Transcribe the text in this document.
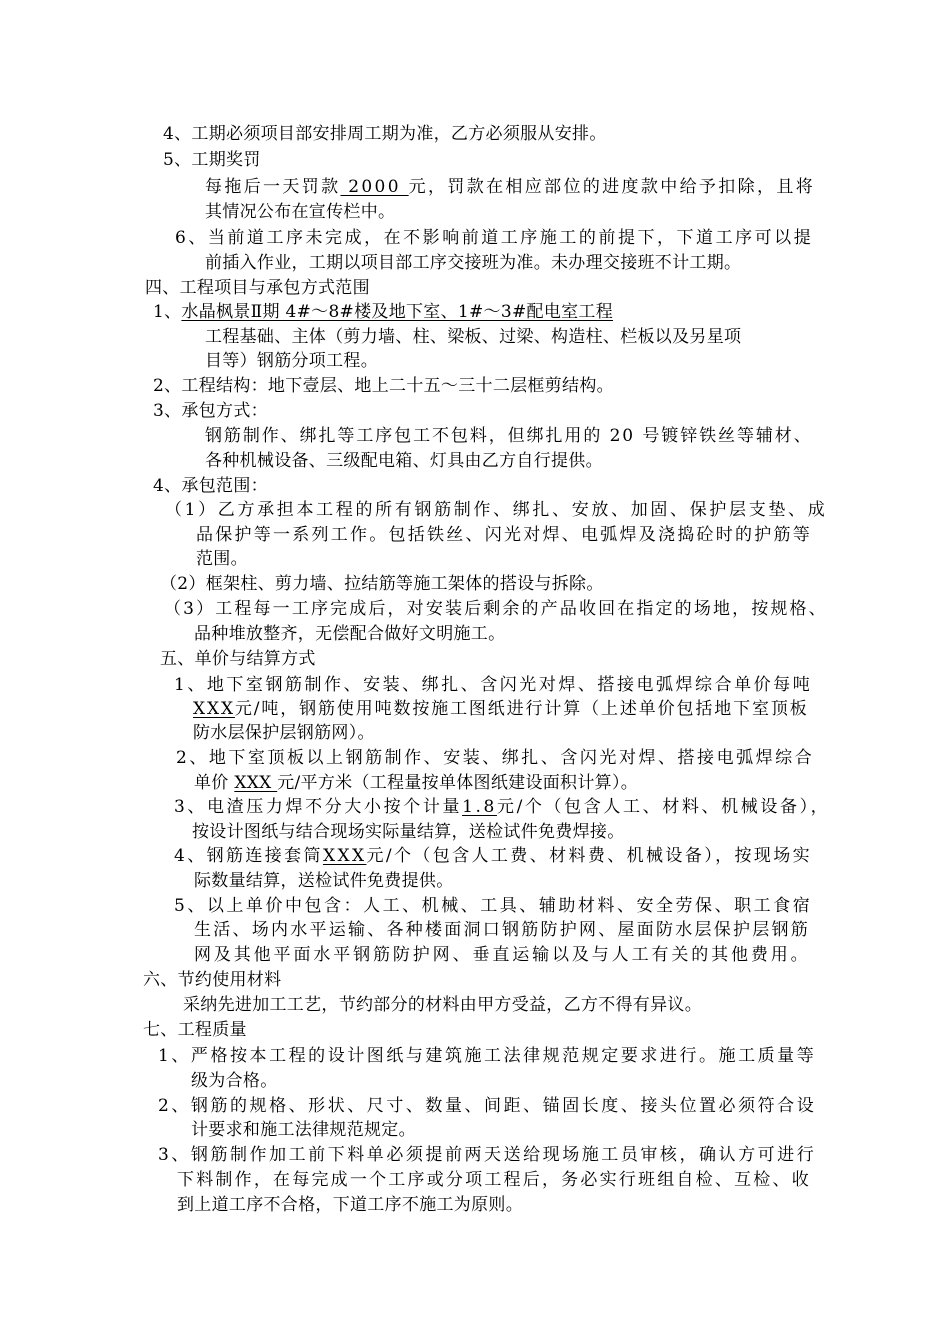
4、工期必须项目部安排周工期为准，乙方必须服从安排。
5、工期奖罚
每拖后一天罚款 2000 元，罚款在相应部位的进度款中给予扣除，且将
其情况公布在宣传栏中。
6、当前道工序未完成，在不影响前道工序施工的前提下，下道工序可以提
前插入作业，工期以项目部工序交接班为准。未办理交接班不计工期。
四、工程项目与承包方式范围
1、水晶枫景Ⅱ期 4#～8#楼及地下室、1#～3#配电室工程
工程基础、主体（剪力墙、柱、梁板、过梁、构造柱、栏板以及另星项
目等）钢筋分项工程。
2、工程结构：地下壹层、地上二十五～三十二层框剪结构。
3、承包方式：
钢筋制作、绑扎等工序包工不包料，但绑扎用的 20 号镀锌铁丝等辅材、
各种机械设备、三级配电箱、灯具由乙方自行提供。
4、承包范围：
（1）乙方承担本工程的所有钢筋制作、绑扎、安放、加固、保护层支垫、成
品保护等一系列工作。包括铁丝、闪光对焊、电弧焊及浇捣砼时的护筋等
范围。
（2）框架柱、剪力墙、拉结筋等施工架体的搭设与拆除。
（3）工程每一工序完成后，对安装后剩余的产品收回在指定的场地，按规格、
品种堆放整齐，无偿配合做好文明施工。
五、单价与结算方式
1、地下室钢筋制作、安装、绑扎、含闪光对焊、搭接电弧焊综合单价每吨
XXX元/吨，钢筋使用吨数按施工图纸进行计算（上述单价包括地下室顶板
防水层保护层钢筋网）。
2、地下室顶板以上钢筋制作、安装、绑扎、含闪光对焊、搭接电弧焊综合
单价 XXX 元/平方米（工程量按单体图纸建设面积计算）。
3、电渣压力焊不分大小按个计量1.8元/个（包含人工、材料、机械设备），
按设计图纸与结合现场实际量结算，送检试件免费焊接。
4、钢筋连接套筒XXX元/个（包含人工费、材料费、机械设备），按现场实
际数量结算，送检试件免费提供。
5、以上单价中包含：人工、机械、工具、辅助材料、安全劳保、职工食宿
生活、场内水平运输、各种楼面洞口钢筋防护网、屋面防水层保护层钢筋
网及其他平面水平钢筋防护网、垂直运输以及与人工有关的其他费用。
六、节约使用材料
采纳先进加工工艺，节约部分的材料由甲方受益，乙方不得有异议。
七、工程质量
1、严格按本工程的设计图纸与建筑施工法律规范规定要求进行。施工质量等
级为合格。
2、钢筋的规格、形状、尺寸、数量、间距、锚固长度、接头位置必须符合设
计要求和施工法律规范规定。
3、钢筋制作加工前下料单必须提前两天送给现场施工员审核，确认方可进行
下料制作，在每完成一个工序或分项工程后，务必实行班组自检、互检、收
到上道工序不合格，下道工序不施工为原则。
